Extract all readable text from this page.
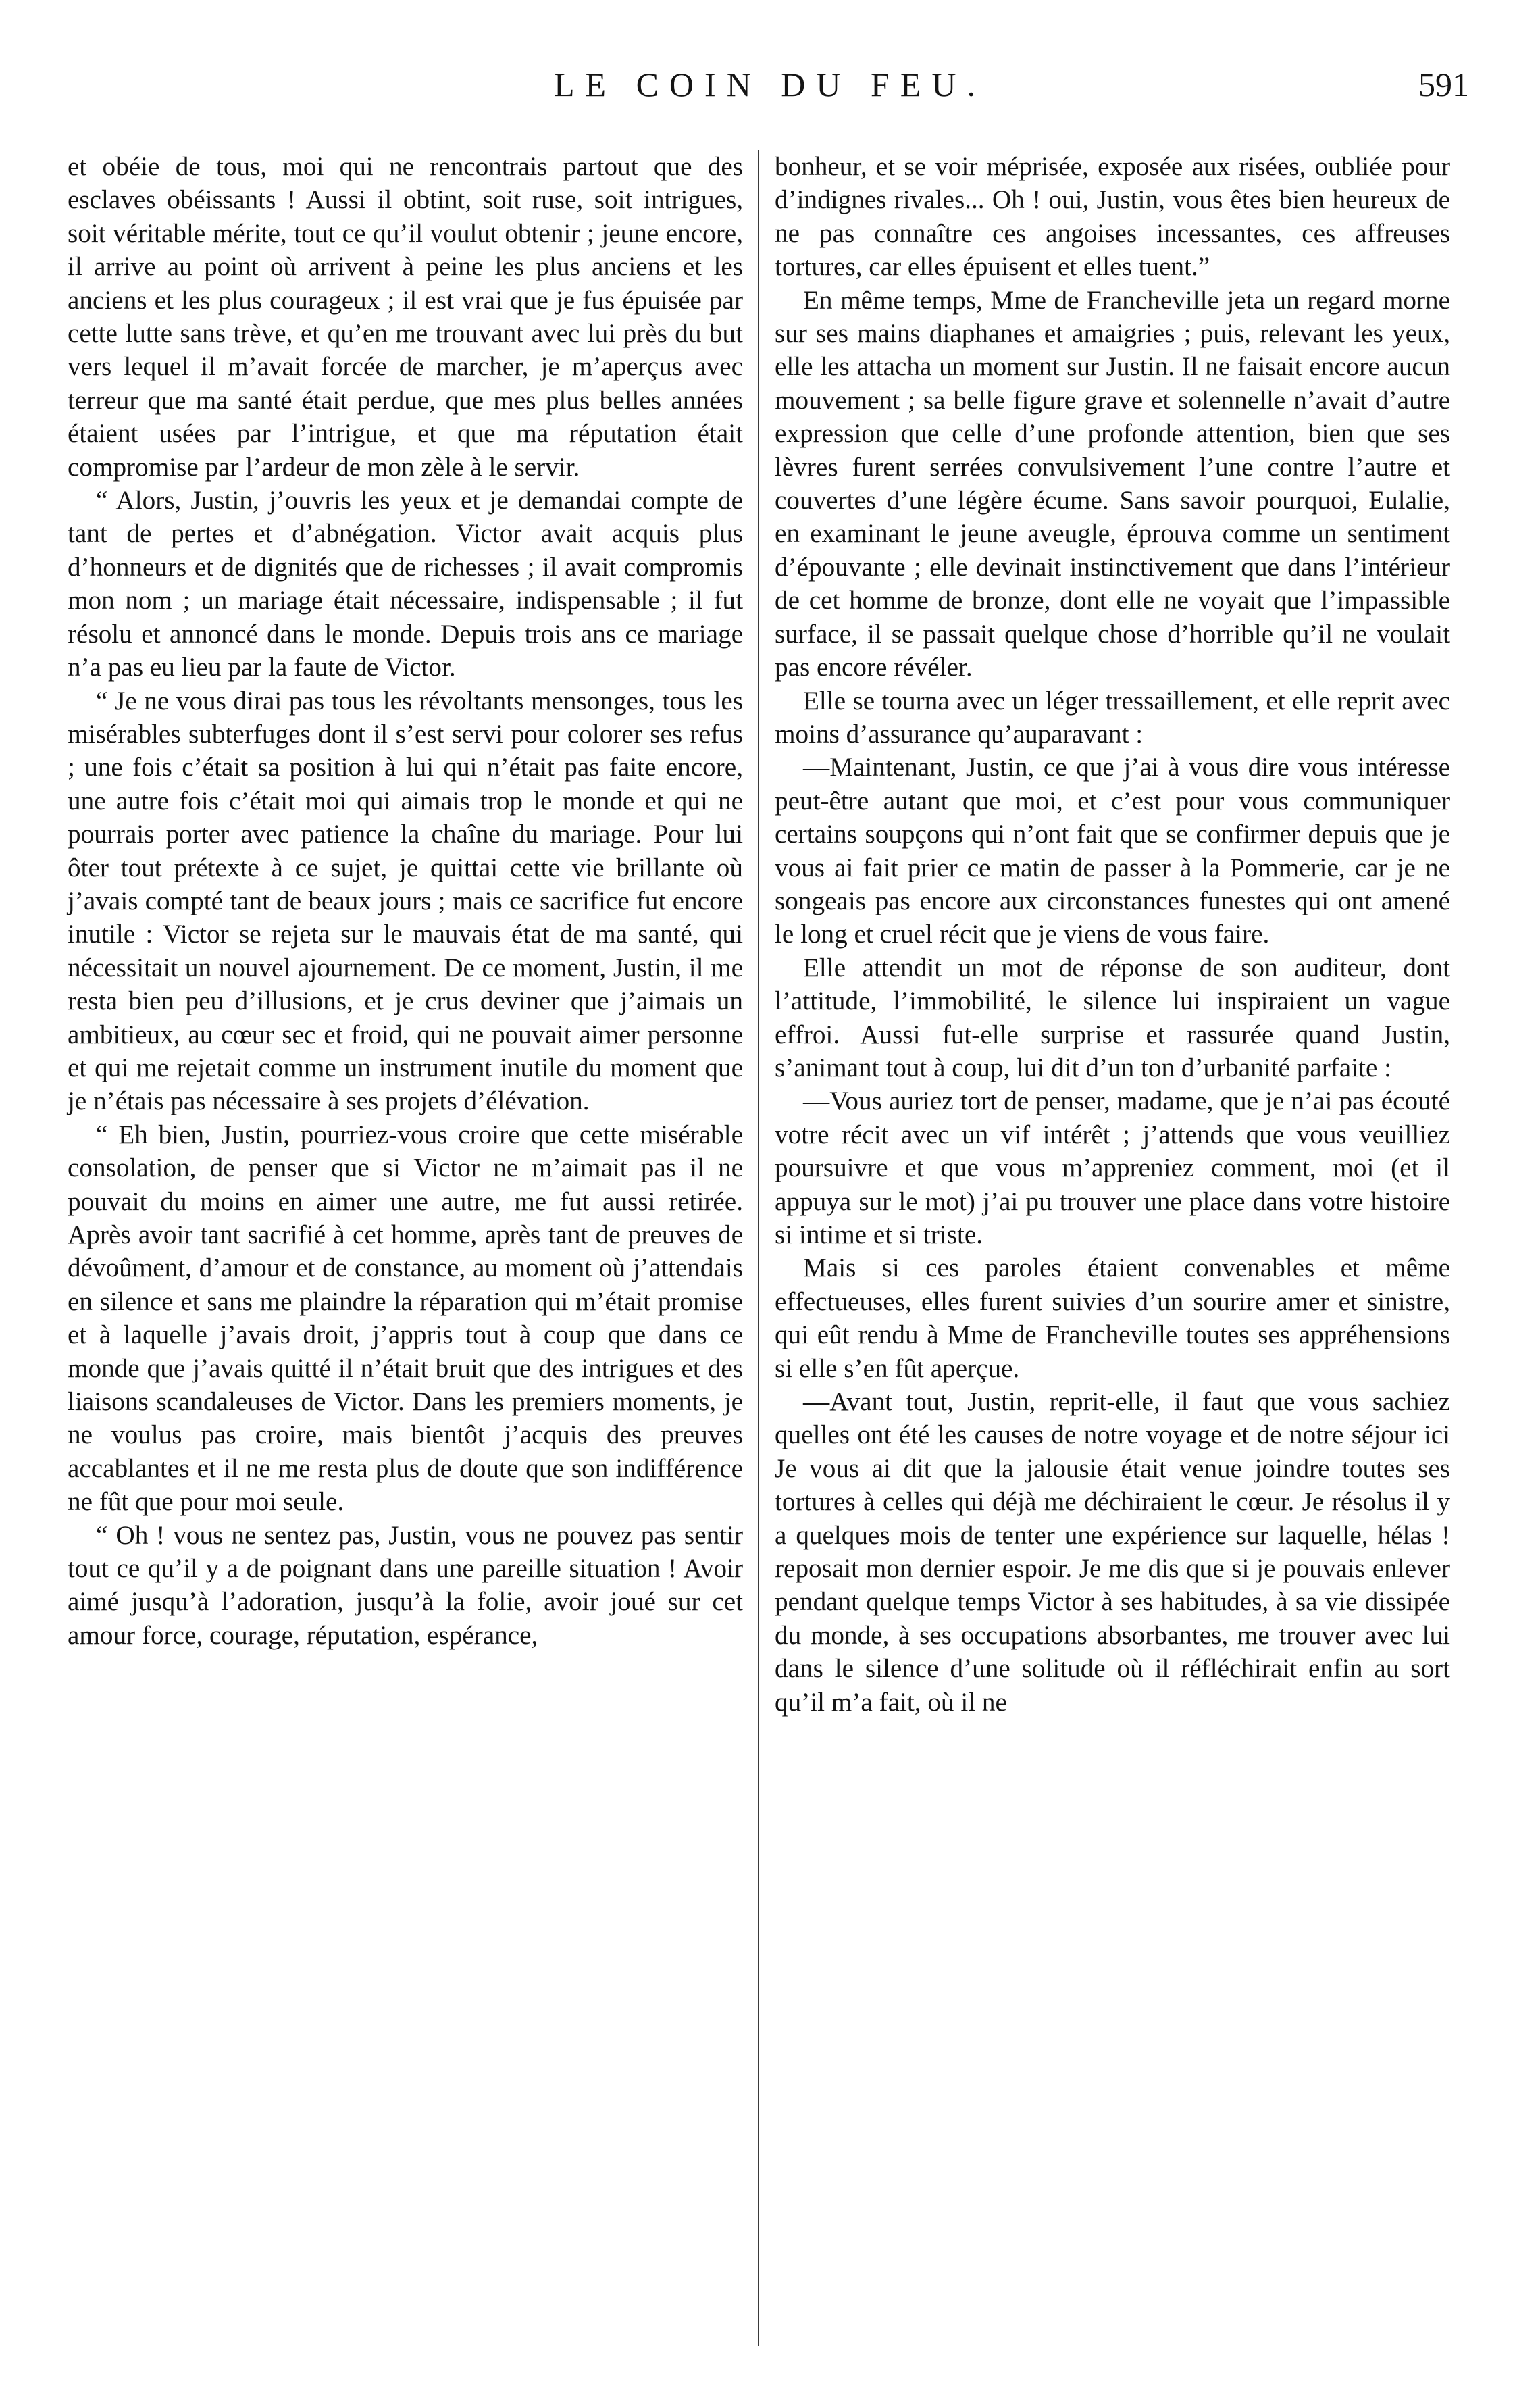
LE COIN DU FEU.	591

et obéie de tous, moi qui ne rencontrais partout que des esclaves obéissants ! Aussi il obtint, soit ruse, soit intrigues, soit véritable mérite, tout ce qu’il voulut obtenir ; jeune encore, il arrive au point où arrivent à peine les plus anciens et les anciens et les plus courageux ; il est vrai que je fus épuisée par cette lutte sans trève, et qu’en me trouvant avec lui près du but vers lequel il m’avait forcée de marcher, je m’aperçus avec terreur que ma santé était perdue, que mes plus belles années étaient usées par l’intrigue, et que ma réputation était compromise par l’ardeur de mon zèle à le servir.

“ Alors, Justin, j’ouvris les yeux et je demandai compte de tant de pertes et d’abnégation. Victor avait acquis plus d’honneurs et de dignités que de richesses ; il avait compromis mon nom ; un mariage était nécessaire, indispensable ; il fut résolu et annoncé dans le monde. Depuis trois ans ce mariage n’a pas eu lieu par la faute de Victor.

“ Je ne vous dirai pas tous les révoltants mensonges, tous les misérables subterfuges dont il s’est servi pour colorer ses refus ; une fois c’était sa position à lui qui n’était pas faite encore, une autre fois c’était moi qui aimais trop le monde et qui ne pourrais porter avec patience la chaîne du mariage. Pour lui ôter tout prétexte à ce sujet, je quittai cette vie brillante où j’avais compté tant de beaux jours ; mais ce sacrifice fut encore inutile : Victor se rejeta sur le mauvais état de ma santé, qui nécessitait un nouvel ajournement. De ce moment, Justin, il me resta bien peu d’illusions, et je crus deviner que j’aimais un ambitieux, au cœur sec et froid, qui ne pouvait aimer personne et qui me rejetait comme un instrument inutile du moment que je n’étais pas nécessaire à ses projets d’élévation.

“ Eh bien, Justin, pourriez-vous croire que cette misérable consolation, de penser que si Victor ne m’aimait pas il ne pouvait du moins en aimer une autre, me fut aussi retirée. Après avoir tant sacrifié à cet homme, après tant de preuves de dévoûment, d’amour et de constance, au moment où j’attendais en silence et sans me plaindre la réparation qui m’était promise et à laquelle j’avais droit, j’appris tout à coup que dans ce monde que j’avais quitté il n’était bruit que des intrigues et des liaisons scandaleuses de Victor. Dans les premiers moments, je ne voulus pas croire, mais bientôt j’acquis des preuves accablantes et il ne me resta plus de doute que son indifférence ne fût que pour moi seule.

“ Oh ! vous ne sentez pas, Justin, vous ne pouvez pas sentir tout ce qu’il y a de poignant dans une pareille situation ! Avoir aimé jusqu’à l’adoration, jusqu’à la folie, avoir joué sur cet amour force, courage, réputation, espérance,

bonheur, et se voir méprisée, exposée aux risées, oubliée pour d’indignes rivales... Oh ! oui, Justin, vous êtes bien heureux de ne pas connaître ces angoises incessantes, ces affreuses tortures, car elles épuisent et elles tuent.”

En même temps, Mme de Francheville jeta un regard morne sur ses mains diaphanes et amaigries ; puis, relevant les yeux, elle les attacha un moment sur Justin. Il ne faisait encore aucun mouvement ; sa belle figure grave et solennelle n’avait d’autre expression que celle d’une profonde attention, bien que ses lèvres furent serrées convulsivement l’une contre l’autre et couvertes d’une légère écume. Sans savoir pourquoi, Eulalie, en examinant le jeune aveugle, éprouva comme un sentiment d’épouvante ; elle devinait instinctivement que dans l’intérieur de cet homme de bronze, dont elle ne voyait que l’impassible surface, il se passait quelque chose d’horrible qu’il ne voulait pas encore révéler.

Elle se tourna avec un léger tressaillement, et elle reprit avec moins d’assurance qu’auparavant :

—Maintenant, Justin, ce que j’ai à vous dire vous intéresse peut-être autant que moi, et c’est pour vous communiquer certains soupçons qui n’ont fait que se confirmer depuis que je vous ai fait prier ce matin de passer à la Pommerie, car je ne songeais pas encore aux circonstances funestes qui ont amené le long et cruel récit que je viens de vous faire.

Elle attendit un mot de réponse de son auditeur, dont l’attitude, l’immobilité, le silence lui inspiraient un vague effroi. Aussi fut-elle surprise et rassurée quand Justin, s’animant tout à coup, lui dit d’un ton d’urbanité parfaite :

—Vous auriez tort de penser, madame, que je n’ai pas écouté votre récit avec un vif intérêt ; j’attends que vous veuilliez poursuivre et que vous m’appreniez comment, moi (et il appuya sur le mot) j’ai pu trouver une place dans votre histoire si intime et si triste.

Mais si ces paroles étaient convenables et même effectueuses, elles furent suivies d’un sourire amer et sinistre, qui eût rendu à Mme de Francheville toutes ses appréhensions si elle s’en fût aperçue.

—Avant tout, Justin, reprit-elle, il faut que vous sachiez quelles ont été les causes de notre voyage et de notre séjour ici Je vous ai dit que la jalousie était venue joindre toutes ses tortures à celles qui déjà me déchiraient le cœur. Je résolus il y a quelques mois de tenter une expérience sur laquelle, hélas ! reposait mon dernier espoir. Je me dis que si je pouvais enlever pendant quelque temps Victor à ses habitudes, à sa vie dissipée du monde, à ses occupations absorbantes, me trouver avec lui dans le silence d’une solitude où il réfléchirait enfin au sort qu’il m’a fait, où il ne
